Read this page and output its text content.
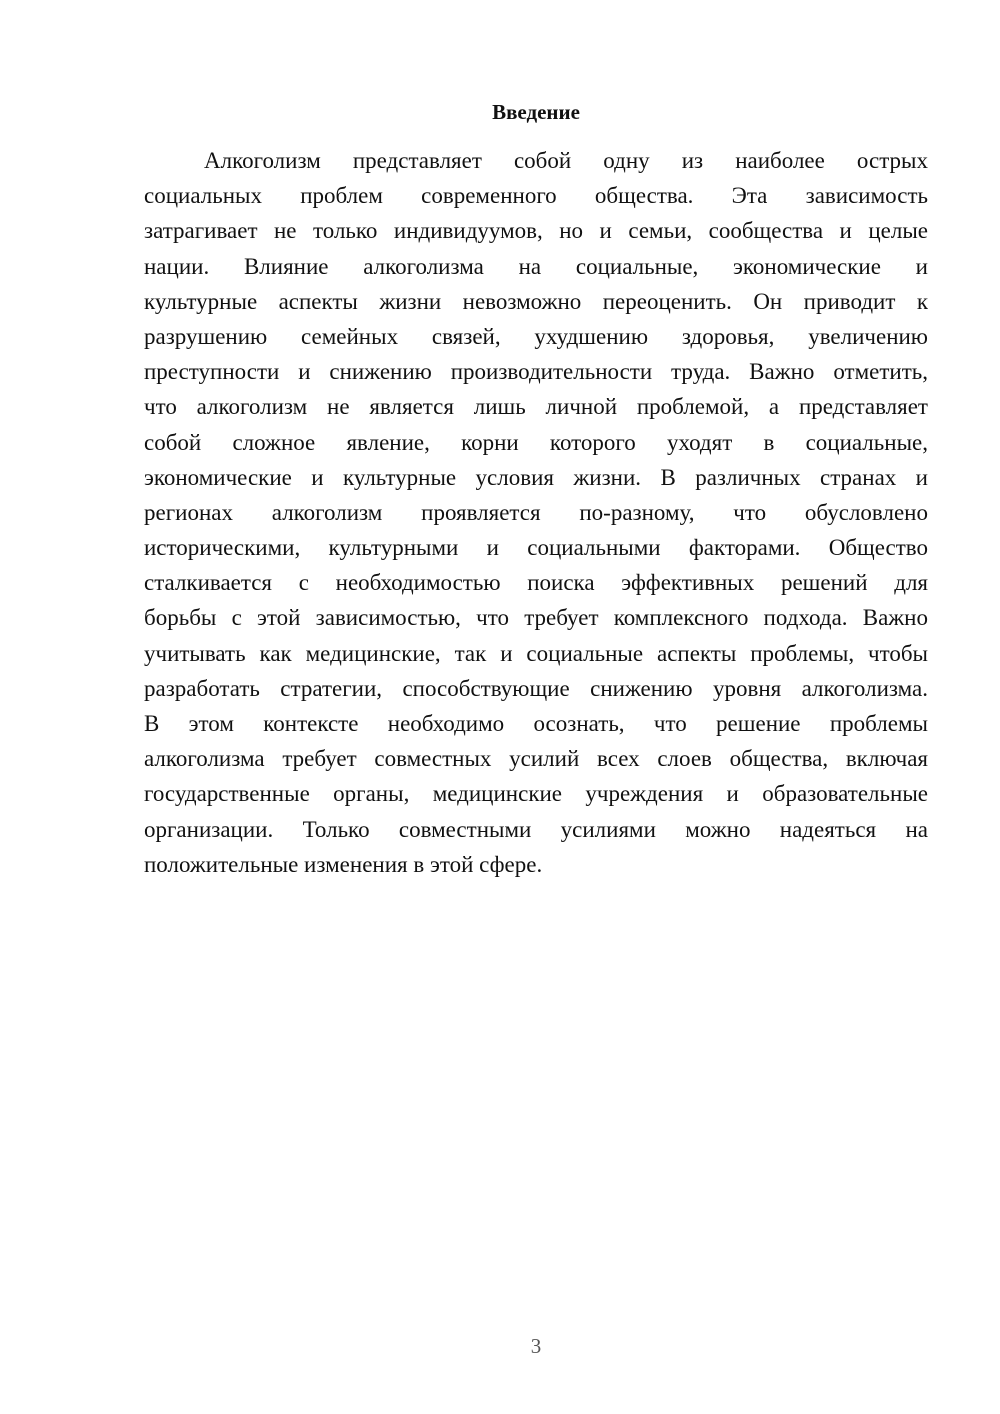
Введение
Алкоголизм представляет собой одну из наиболее острых
социальных проблем современного общества. Эта зависимость
затрагивает не только индивидуумов, но и семьи, сообщества и целые
нации. Влияние алкоголизма на социальные, экономические и
культурные аспекты жизни невозможно переоценить. Он приводит к
разрушению семейных связей, ухудшению здоровья, увеличению
преступности и снижению производительности труда. Важно отметить,
что алкоголизм не является лишь личной проблемой, а представляет
собой сложное явление, корни которого уходят в социальные,
экономические и культурные условия жизни. В различных странах и
регионах алкоголизм проявляется по-разному, что обусловлено
историческими, культурными и социальными факторами. Общество
сталкивается с необходимостью поиска эффективных решений для
борьбы с этой зависимостью, что требует комплексного подхода. Важно
учитывать как медицинские, так и социальные аспекты проблемы, чтобы
разработать стратегии, способствующие снижению уровня алкоголизма.
В этом контексте необходимо осознать, что решение проблемы
алкоголизма требует совместных усилий всех слоев общества, включая
государственные органы, медицинские учреждения и образовательные
организации. Только совместными усилиями можно надеяться на
положительные изменения в этой сфере.
3
